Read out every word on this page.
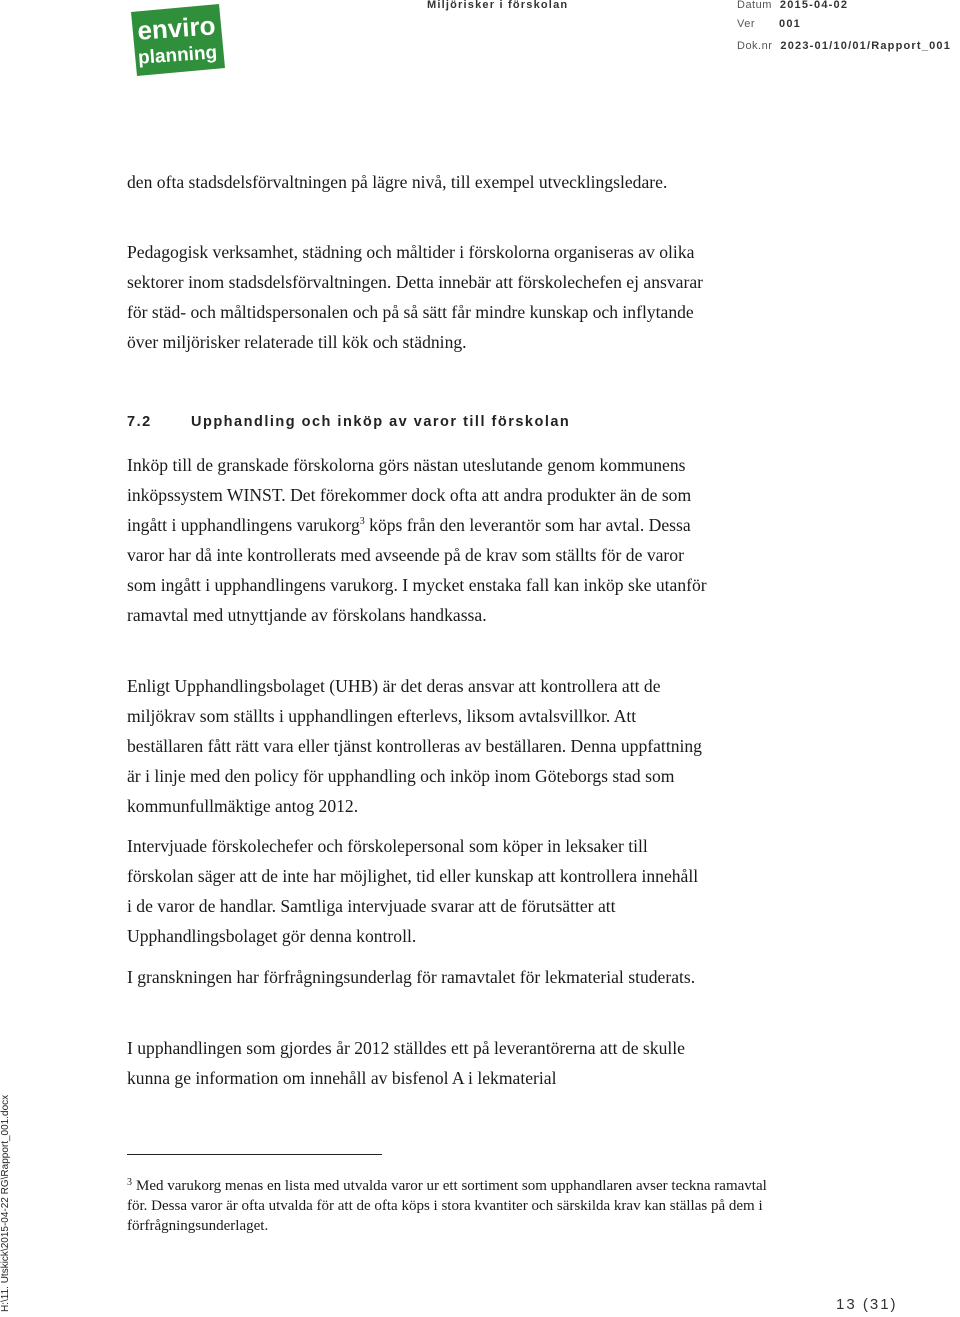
enviro
planning
Miljörisker i förskolan	Datum 2015-04-02
Ver 001
Dok.nr 2023-01/10/01/Rapport_001

den ofta stadsdelsförvaltningen på lägre nivå, till exempel utvecklingsledare.

Pedagogisk verksamhet, städning och måltider i förskolorna organiseras av olika sektorer inom stadsdelsförvaltningen. Detta innebär att förskolechefen ej ansvarar för städ- och måltidspersonalen och på så sätt får mindre kunskap och inflytande över miljörisker relaterade till kök och städning.

7.2	Upphandling och inköp av varor till förskolan

Inköp till de granskade förskolorna görs nästan uteslutande genom kommunens inköpssystem WINST. Det förekommer dock ofta att andra produkter än de som ingått i upphandlingens varukorg$^3$ köps från den leverantör som har avtal. Dessa varor har då inte kontrollerats med avseende på de krav som ställts för de varor som ingått i upphandlingens varukorg. I mycket enstaka fall kan inköp ske utanför ramavtal med utnyttjande av förskolans handkassa.

Enligt Upphandlingsbolaget (UHB) är det deras ansvar att kontrollera att de miljökrav som ställts i upphandlingen efterlevs, liksom avtalsvillkor. Att beställaren fått rätt vara eller tjänst kontrolleras av beställaren. Denna uppfattning är i linje med den policy för upphandling och inköp inom Göteborgs stad som kommunfullmäktige antog 2012.

Intervjuade förskolechefer och förskolepersonal som köper in leksaker till förskolan säger att de inte har möjlighet, tid eller kunskap att kontrollera innehåll i de varor de handlar. Samtliga intervjuade svarar att de förutsätter att Upphandlingsbolaget gör denna kontroll.

I granskningen har förfrågningsunderlag för ramavtalet för lekmaterial studerats.

I upphandlingen som gjordes år 2012 ställdes ett på leverantörerna att de skulle kunna ge information om innehåll av bisfenol A i lekmaterial

$^3$ Med varukorg menas en lista med utvalda varor ur ett sortiment som upphandlaren avser teckna ramavtal för. Dessa varor är ofta utvalda för att de ofta köps i stora kvantiter och särskilda krav kan ställas på dem i förfrågningsunderlaget.
H:\11. Utskick\2015-04-22 RG\Rapport_001.docx	13 (31)
